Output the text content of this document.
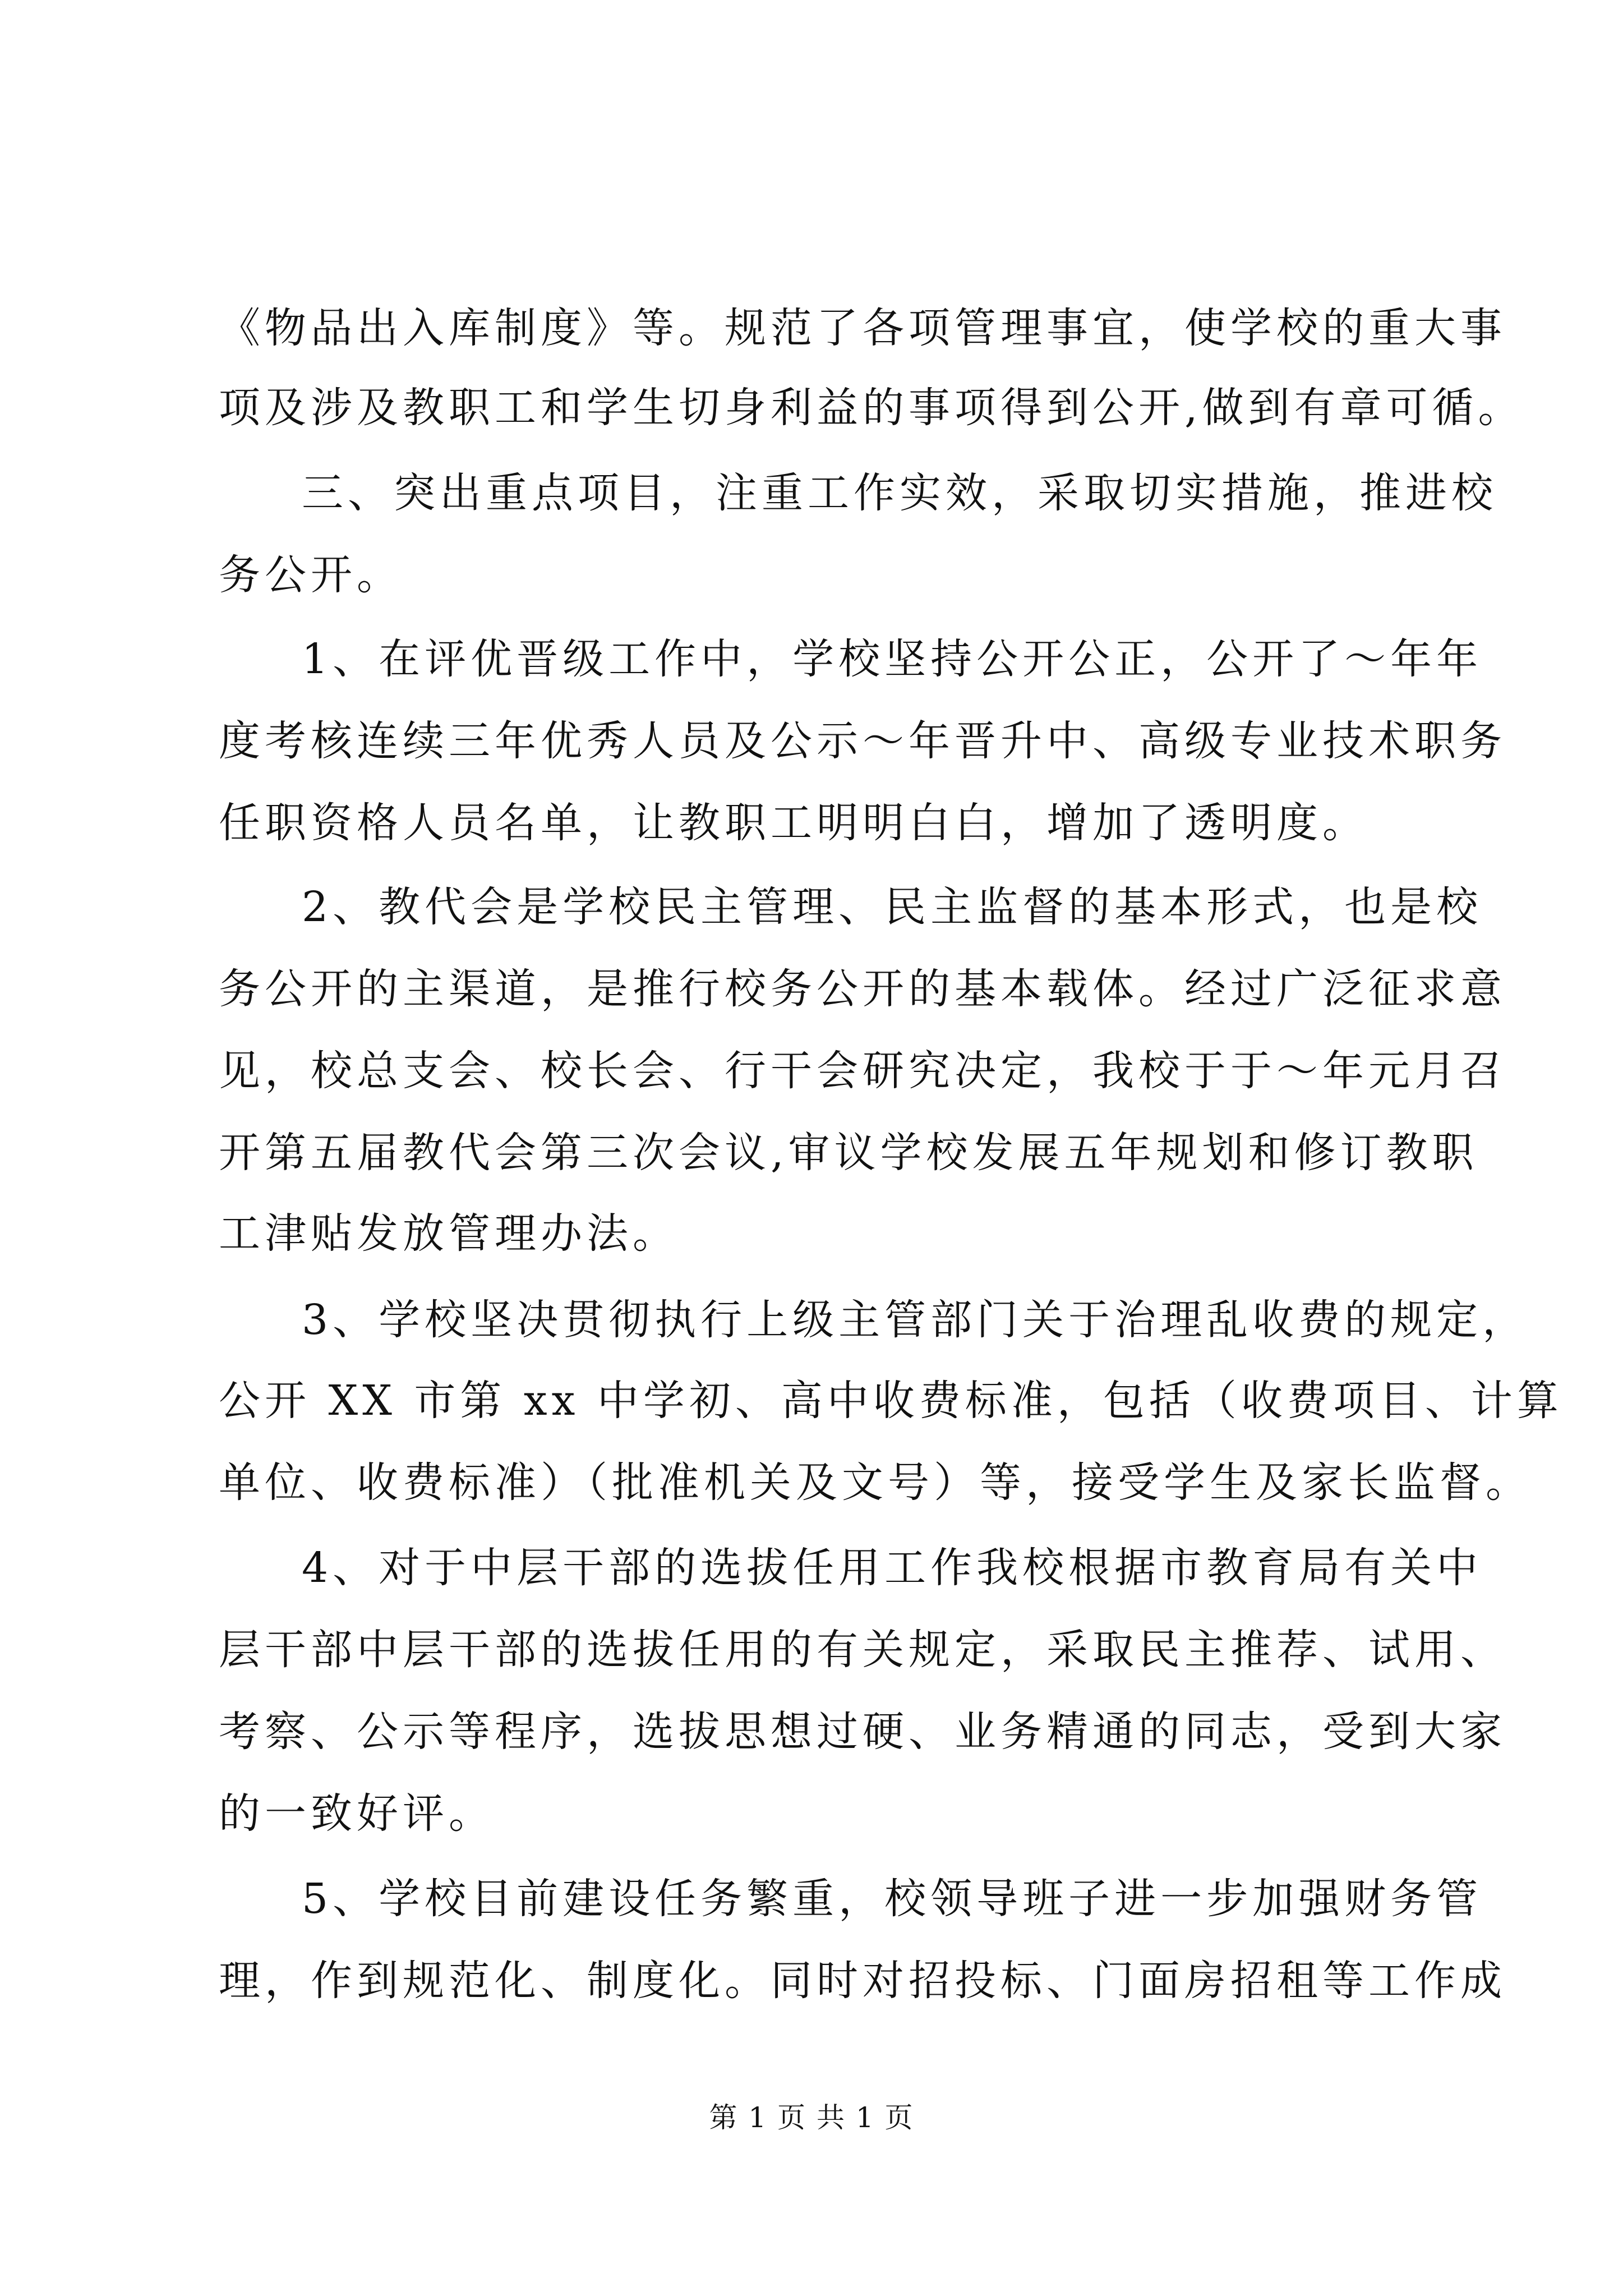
《物品出入库制度》等。规范了各项管理事宜，使学校的重大事
项及涉及教职工和学生切身利益的事项得到公开,做到有章可循。
三、突出重点项目，注重工作实效，采取切实措施，推进校
务公开。
1、在评优晋级工作中，学校坚持公开公正，公开了～年年
度考核连续三年优秀人员及公示～年晋升中、高级专业技术职务
任职资格人员名单，让教职工明明白白，增加了透明度。
2、教代会是学校民主管理、民主监督的基本形式，也是校
务公开的主渠道，是推行校务公开的基本载体。经过广泛征求意
见，校总支会、校长会、行干会研究决定，我校于于～年元月召
开第五届教代会第三次会议,审议学校发展五年规划和修订教职
工津贴发放管理办法。
3、学校坚决贯彻执行上级主管部门关于治理乱收费的规定，
公开 XX 市第 xx 中学初、高中收费标准，包括（收费项目、计算
单位、收费标准）（批准机关及文号）等，接受学生及家长监督。
4、对于中层干部的选拔任用工作我校根据市教育局有关中
层干部中层干部的选拔任用的有关规定，采取民主推荐、试用、
考察、公示等程序，选拔思想过硬、业务精通的同志，受到大家
的一致好评。
5、学校目前建设任务繁重，校领导班子进一步加强财务管
理，作到规范化、制度化。同时对招投标、门面房招租等工作成
第 1 页 共 1 页
